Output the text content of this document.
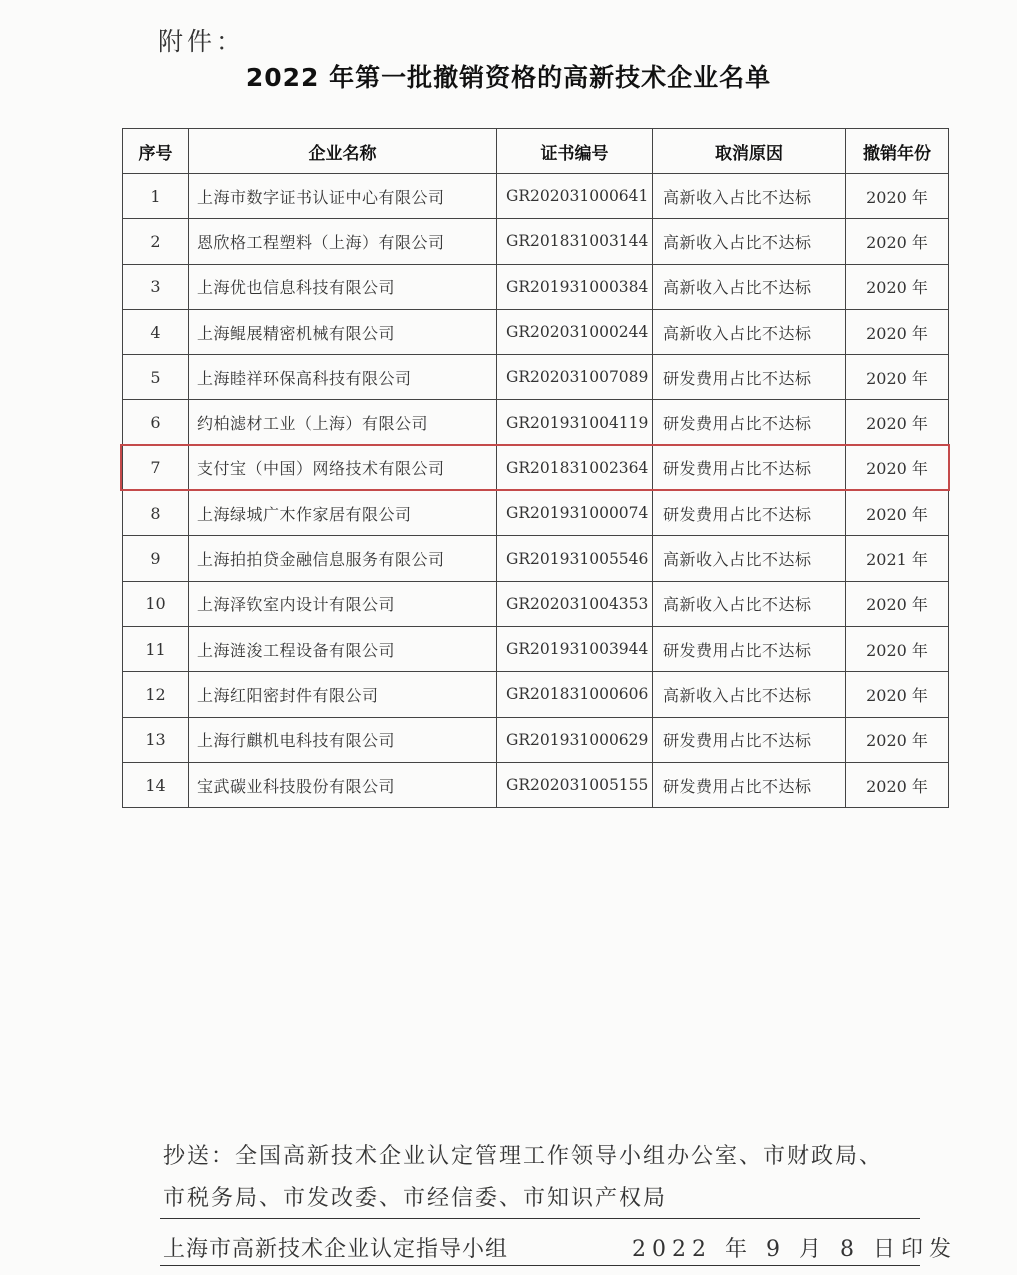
附件：
2022 年第一批撤销资格的高新技术企业名单
序号	企业名称	证书编号	取消原因	撤销年份
1	上海市数字证书认证中心有限公司	GR202031000641	高新收入占比不达标	2020 年
2	恩欣格工程塑料（上海）有限公司	GR201831003144	高新收入占比不达标	2020 年
3	上海优也信息科技有限公司	GR201931000384	高新收入占比不达标	2020 年
4	上海鲲展精密机械有限公司	GR202031000244	高新收入占比不达标	2020 年
5	上海睦祥环保高科技有限公司	GR202031007089	研发费用占比不达标	2020 年
6	约柏滤材工业（上海）有限公司	GR201931004119	研发费用占比不达标	2020 年
7	支付宝（中国）网络技术有限公司	GR201831002364	研发费用占比不达标	2020 年
8	上海绿城广木作家居有限公司	GR201931000074	研发费用占比不达标	2020 年
9	上海拍拍贷金融信息服务有限公司	GR201931005546	高新收入占比不达标	2021 年
10	上海泽钦室内设计有限公司	GR202031004353	高新收入占比不达标	2020 年
11	上海涟浚工程设备有限公司	GR201931003944	研发费用占比不达标	2020 年
12	上海红阳密封件有限公司	GR201831000606	高新收入占比不达标	2020 年
13	上海行麒机电科技有限公司	GR201931000629	研发费用占比不达标	2020 年
14	宝武碳业科技股份有限公司	GR202031005155	研发费用占比不达标	2020 年
抄送：全国高新技术企业认定管理工作领导小组办公室、市财政局、
市税务局、市发改委、市经信委、市知识产权局
上海市高新技术企业认定指导小组	2022 年 9 月 8 日印发
